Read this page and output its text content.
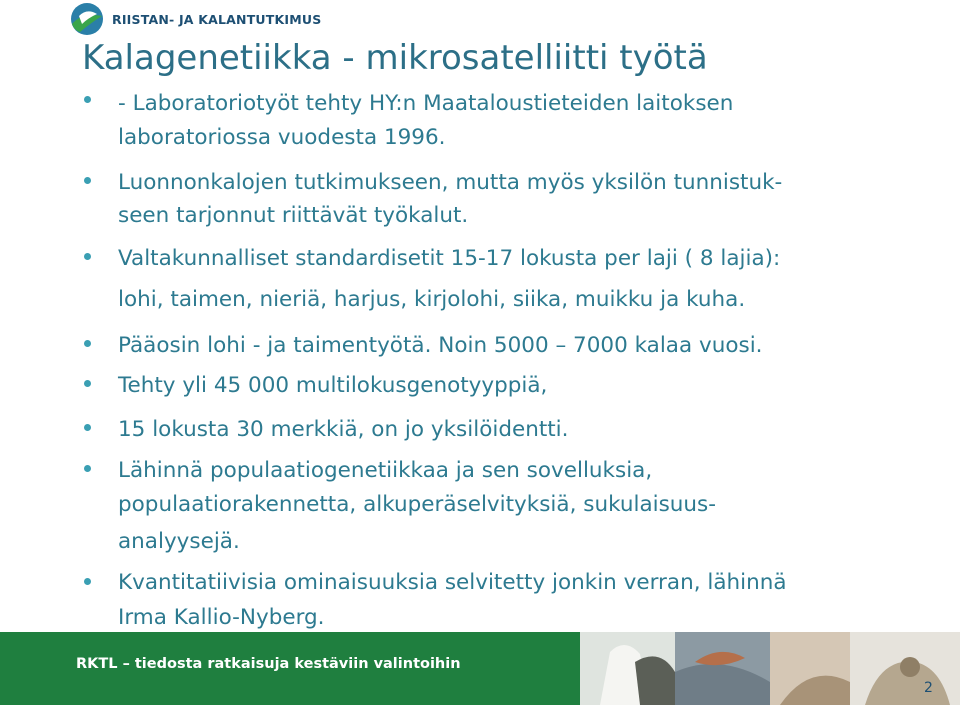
RIISTAN- JA KALANTUTKIMUS
Kalagenetiikka - mikrosatelliitti työtä
- Laboratoriotyöt tehty HY:n Maataloustieteiden laitoksen
laboratoriossa vuodesta 1996.
Luonnonkalojen tutkimukseen, mutta myös yksilön tunnistuk-
seen tarjonnut riittävät työkalut.
Valtakunnalliset standardisetit 15-17 lokusta per laji ( 8 lajia):
lohi, taimen, nieriä, harjus, kirjolohi, siika, muikku ja kuha.
Pääosin lohi - ja taimentyötä. Noin 5000 – 7000 kalaa vuosi.
Tehty yli 45 000 multilokusgenotyyppiä,
15 lokusta 30 merkkiä, on jo yksilöidentti.
Lähinnä populaatiogenetiikkaa ja sen sovelluksia,
populaatiorakennetta, alkuperäselvityksiä, sukulaisuus-
analyysejä.
Kvantitatiivisia ominaisuuksia selvitetty jonkin verran, lähinnä
Irma Kallio-Nyberg.
RKTL – tiedosta ratkaisuja kestäviin valintoihin
2
